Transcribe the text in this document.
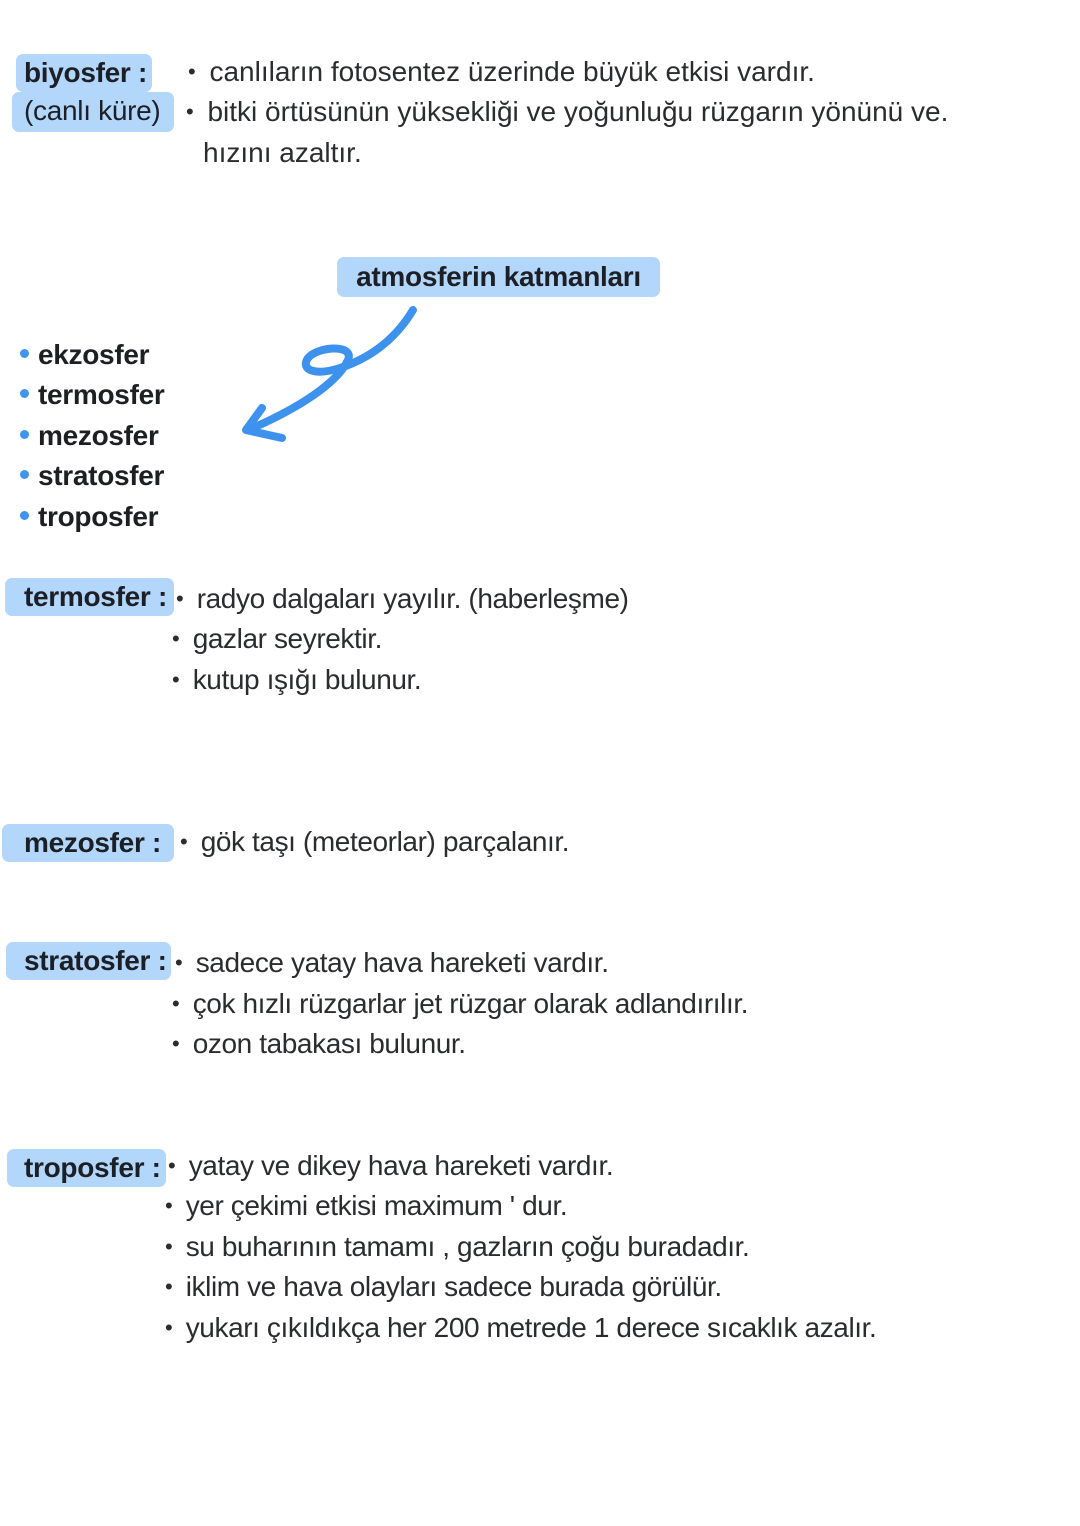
biyosfer :
(canlı küre)
• canlıların fotosentez üzerinde büyük etkisi vardır.
• bitki örtüsünün yüksekliği ve yoğunluğu rüzgarın yönünü ve.
hızını azaltır.
atmosferin katmanları
ekzosfer
termosfer
mezosfer
stratosfer
troposfer
termosfer :	• radyo dalgaları yayılır. (haberleşme)
• gazlar seyrektir.
• kutup ışığı bulunur.
mezosfer :	• gök taşı (meteorlar) parçalanır.
stratosfer :	• sadece yatay hava hareketi vardır.
• çok hızlı rüzgarlar jet rüzgar olarak adlandırılır.
• ozon tabakası bulunur.
troposfer :	• yatay ve dikey hava hareketi vardır.
• yer çekimi etkisi maximum ' dur.
• su buharının tamamı , gazların çoğu buradadır.
• iklim ve hava olayları sadece burada görülür.
• yukarı çıkıldıkça her 200 metrede 1 derece sıcaklık azalır.
